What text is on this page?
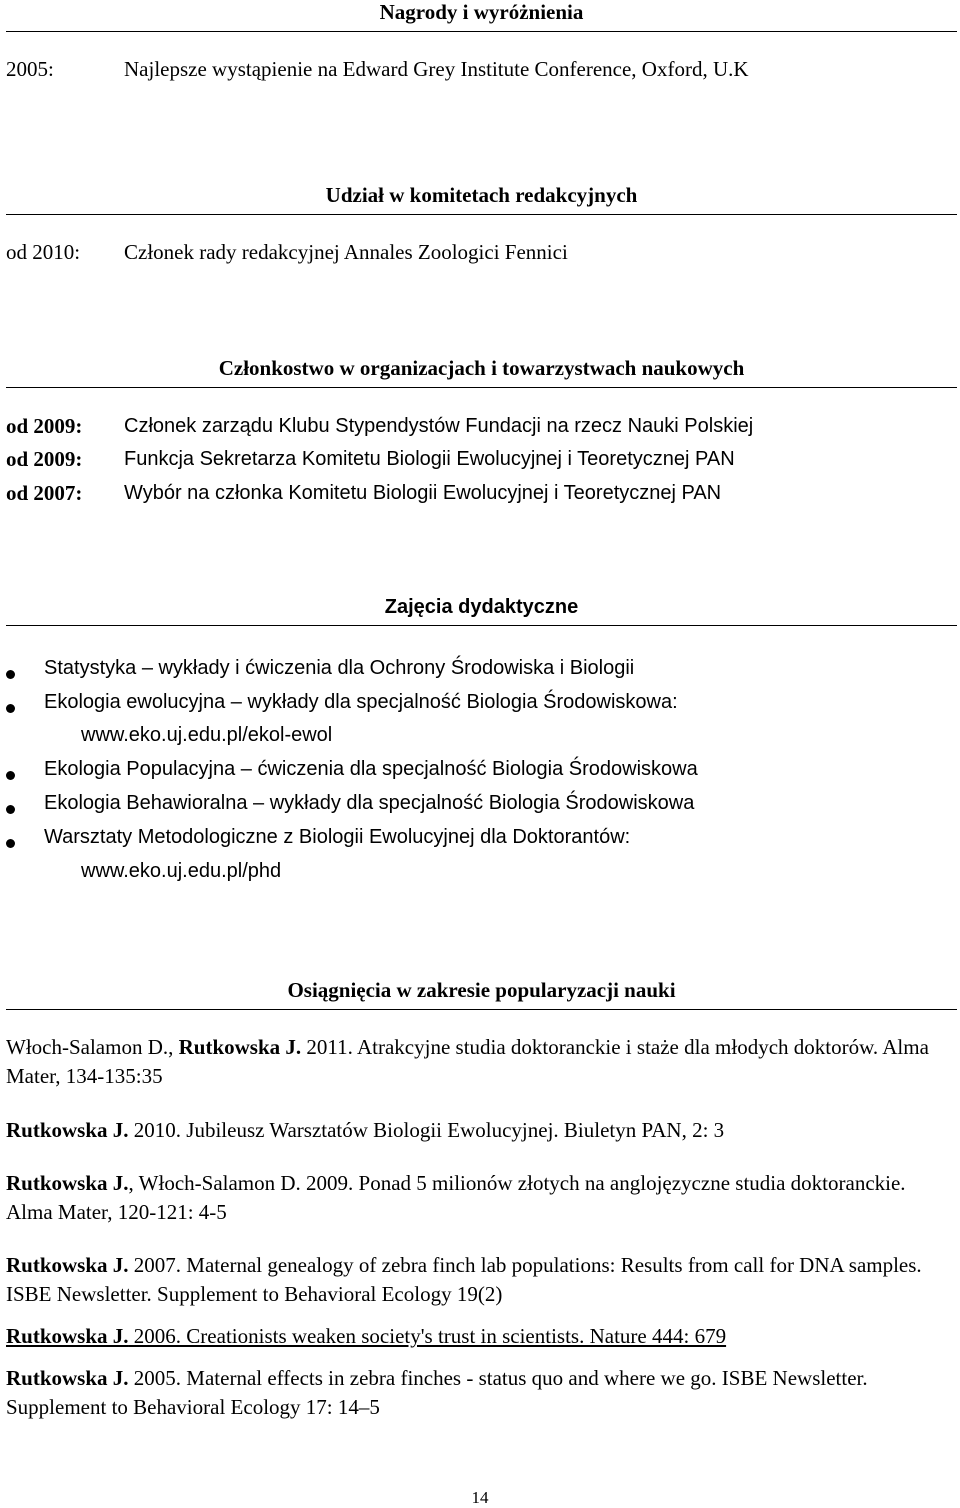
Nagrody i wyróżnienia
2005:	Najlepsze wystąpienie na Edward Grey Institute Conference, Oxford, U.K
Udział w komitetach redakcyjnych
od 2010: Członek rady redakcyjnej Annales Zoologici Fennici
Członkostwo w organizacjach i towarzystwach naukowych
od 2009: Członek zarządu Klubu Stypendystów Fundacji na rzecz Nauki Polskiej
od 2009: Funkcja Sekretarza Komitetu Biologii Ewolucyjnej i Teoretycznej PAN
od 2007: Wybór na członka Komitetu Biologii Ewolucyjnej i Teoretycznej PAN
Zajęcia dydaktyczne
Statystyka – wykłady i ćwiczenia dla Ochrony Środowiska i Biologii
Ekologia ewolucyjna – wykłady dla specjalność Biologia Środowiskowa:
www.eko.uj.edu.pl/ekol-ewol
Ekologia Populacyjna – ćwiczenia dla specjalność Biologia Środowiskowa
Ekologia Behawioralna – wykłady dla specjalność Biologia Środowiskowa
Warsztaty Metodologiczne z Biologii Ewolucyjnej dla Doktorantów:
www.eko.uj.edu.pl/phd
Osiągnięcia w zakresie popularyzacji nauki
Włoch-Salamon D., Rutkowska J. 2011. Atrakcyjne studia doktoranckie i staże dla młodych doktorów. Alma Mater, 134-135:35
Rutkowska J. 2010. Jubileusz Warsztatów Biologii Ewolucyjnej. Biuletyn PAN, 2: 3
Rutkowska J., Włoch-Salamon D. 2009. Ponad 5 milionów złotych na anglojęzyczne studia doktoranckie. Alma Mater, 120-121: 4-5
Rutkowska J. 2007. Maternal genealogy of zebra finch lab populations: Results from call for DNA samples. ISBE Newsletter. Supplement to Behavioral Ecology 19(2)
Rutkowska J. 2006. Creationists weaken society's trust in scientists. Nature 444: 679
Rutkowska J. 2005. Maternal effects in zebra finches - status quo and where we go. ISBE Newsletter. Supplement to Behavioral Ecology 17: 14–5
14
